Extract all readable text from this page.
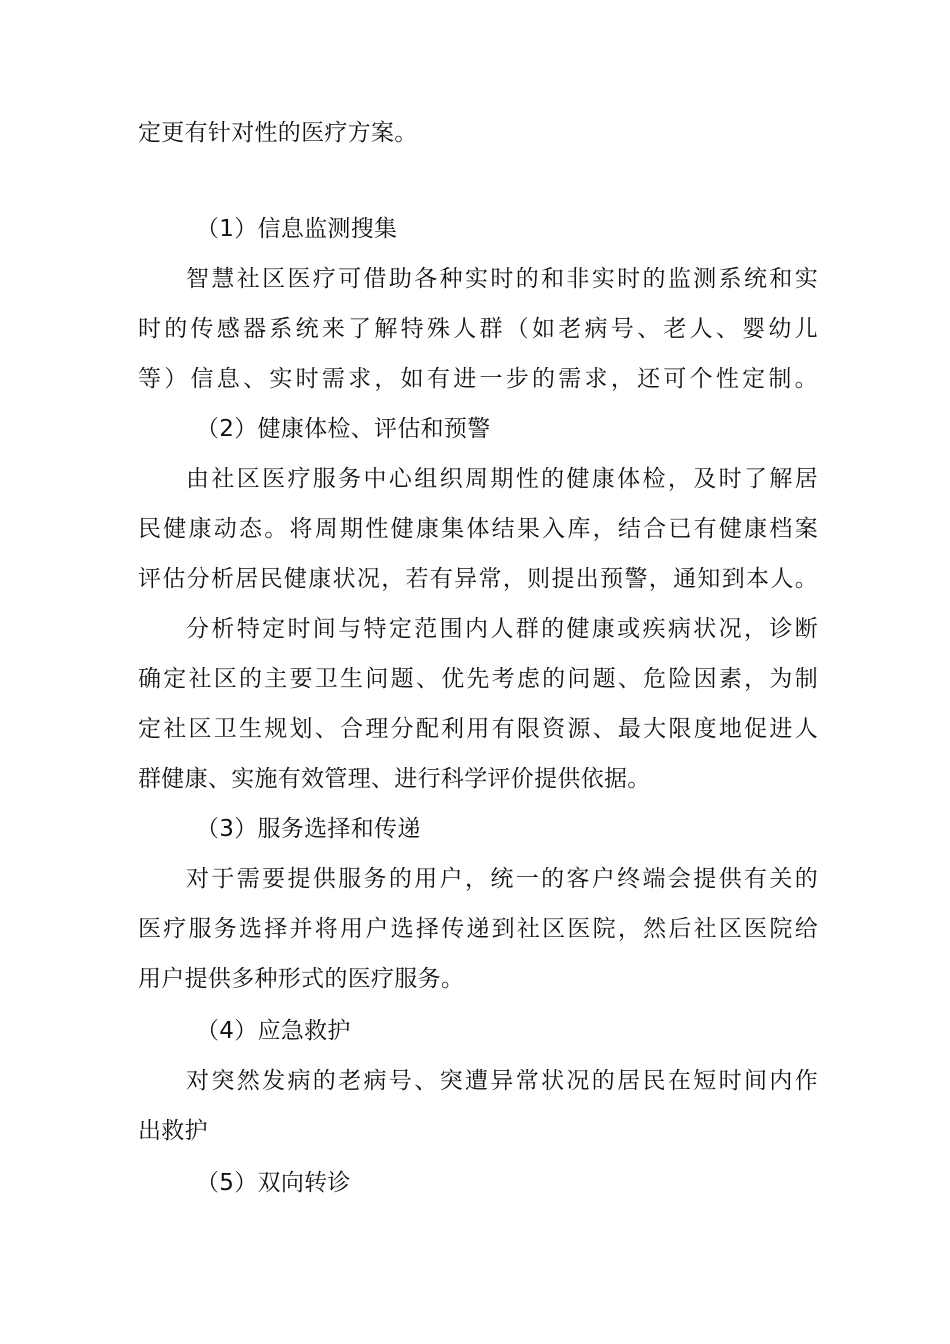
定更有针对性的医疗方案。
（1）信息监测搜集
智慧社区医疗可借助各种实时的和非实时的监测系统和实
时的传感器系统来了解特殊人群（如老病号、老人、婴幼儿
等）信息、实时需求，如有进一步的需求，还可个性定制。
（2）健康体检、评估和预警
由社区医疗服务中心组织周期性的健康体检，及时了解居
民健康动态。将周期性健康集体结果入库，结合已有健康档案
评估分析居民健康状况，若有异常，则提出预警，通知到本人。
分析特定时间与特定范围内人群的健康或疾病状况，诊断
确定社区的主要卫生问题、优先考虑的问题、危险因素，为制
定社区卫生规划、合理分配利用有限资源、最大限度地促进人
群健康、实施有效管理、进行科学评价提供依据。
（3）服务选择和传递
对于需要提供服务的用户，统一的客户终端会提供有关的
医疗服务选择并将用户选择传递到社区医院，然后社区医院给
用户提供多种形式的医疗服务。
（4）应急救护
对突然发病的老病号、突遭异常状况的居民在短时间内作
出救护
（5）双向转诊
